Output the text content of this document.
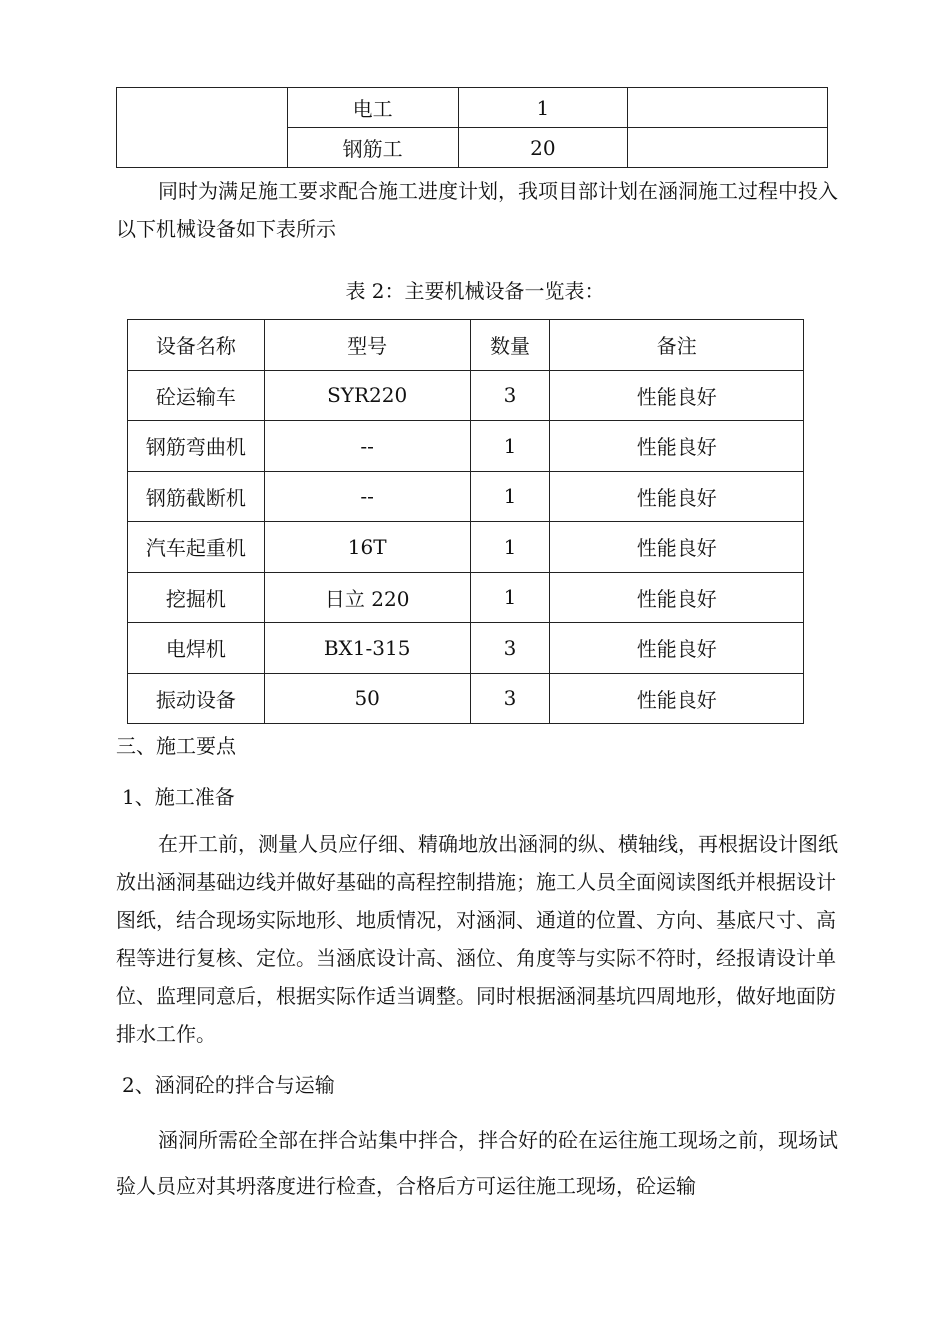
	电工	1	
	钢筋工	20	

同时为满足施工要求配合施工进度计划，我项目部计划在涵洞施工过程中投入以下机械设备如下表所示

表 2：主要机械设备一览表：

设备名称	型号	数量	备注
砼运输车	SYR220	3	性能良好
钢筋弯曲机	--	1	性能良好
钢筋截断机	--	1	性能良好
汽车起重机	16T	1	性能良好
挖掘机	日立 220	1	性能良好
电焊机	BX1-315	3	性能良好
振动设备	50	3	性能良好

三、施工要点

1、施工准备

在开工前，测量人员应仔细、精确地放出涵洞的纵、横轴线，再根据设计图纸放出涵洞基础边线并做好基础的高程控制措施；施工人员全面阅读图纸并根据设计图纸，结合现场实际地形、地质情况，对涵洞、通道的位置、方向、基底尺寸、高程等进行复核、定位。当涵底设计高、涵位、角度等与实际不符时，经报请设计单位、监理同意后，根据实际作适当调整。同时根据涵洞基坑四周地形，做好地面防排水工作。

2、涵洞砼的拌合与运输

涵洞所需砼全部在拌合站集中拌合，拌合好的砼在运往施工现场之前，现场试验人员应对其坍落度进行检查，合格后方可运往施工现场，砼运输
